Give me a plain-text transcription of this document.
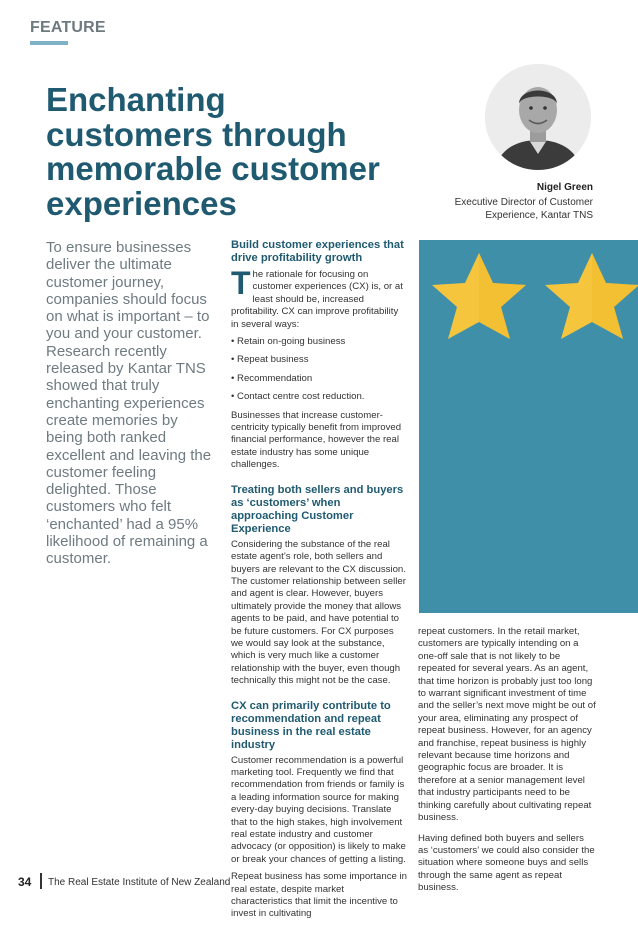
FEATURE
Enchanting
customers through
memorable customer
experiences	Nigel Green
Executive Director of Customer Experience, Kantar TNS

To ensure businesses deliver the ultimate customer journey, companies should focus on what is important – to you and your customer. Research recently released by Kantar TNS showed that truly enchanting experiences create memories by being both ranked excellent and leaving the customer feeling delighted. Those customers who felt ‘enchanted’ had a 95% likelihood of remaining a customer.

Build customer experiences that drive profitability growth

T he rationale for focusing on customer experiences (CX) is, or at least should be, increased profitability. CX can improve profitability in several ways:

• Retain on-going business

• Repeat business

• Recommendation

• Contact centre cost reduction.

Businesses that increase customer-centricity typically benefit from improved financial performance, however the real estate industry has some unique challenges.

Treating both sellers and buyers as ‘customers’ when approaching Customer Experience

Considering the substance of the real estate agent’s role, both sellers and buyers are relevant to the CX discussion. The customer relationship between seller and agent is clear. However, buyers ultimately provide the money that allows agents to be paid, and have potential to be future customers. For CX purposes we would say look at the substance, which is very much like a customer relationship with the buyer, even though technically this might not be the case.

CX can primarily contribute to recommendation and repeat business in the real estate industry

Customer recommendation is a powerful marketing tool. Frequently we find that recommendation from friends or family is a leading information source for making every-day buying decisions. Translate that to the high stakes, high involvement real estate industry and customer advocacy (or opposition) is likely to make or break your chances of getting a listing.

Repeat business has some importance in real estate, despite market characteristics that limit the incentive to invest in cultivating

repeat customers. In the retail market, customers are typically intending on a one-off sale that is not likely to be repeated for several years. As an agent, that time horizon is probably just too long to warrant significant investment of time and the seller’s next move might be out of your area, eliminating any prospect of repeat business. However, for an agency and franchise, repeat business is highly relevant because time horizons and geographic focus are broader. It is therefore at a senior management level that industry participants need to be thinking carefully about cultivating repeat business.

Having defined both buyers and sellers as ‘customers’ we could also consider the situation where someone buys and sells through the same agent as repeat business.

34 The Real Estate Institute of New Zealand
